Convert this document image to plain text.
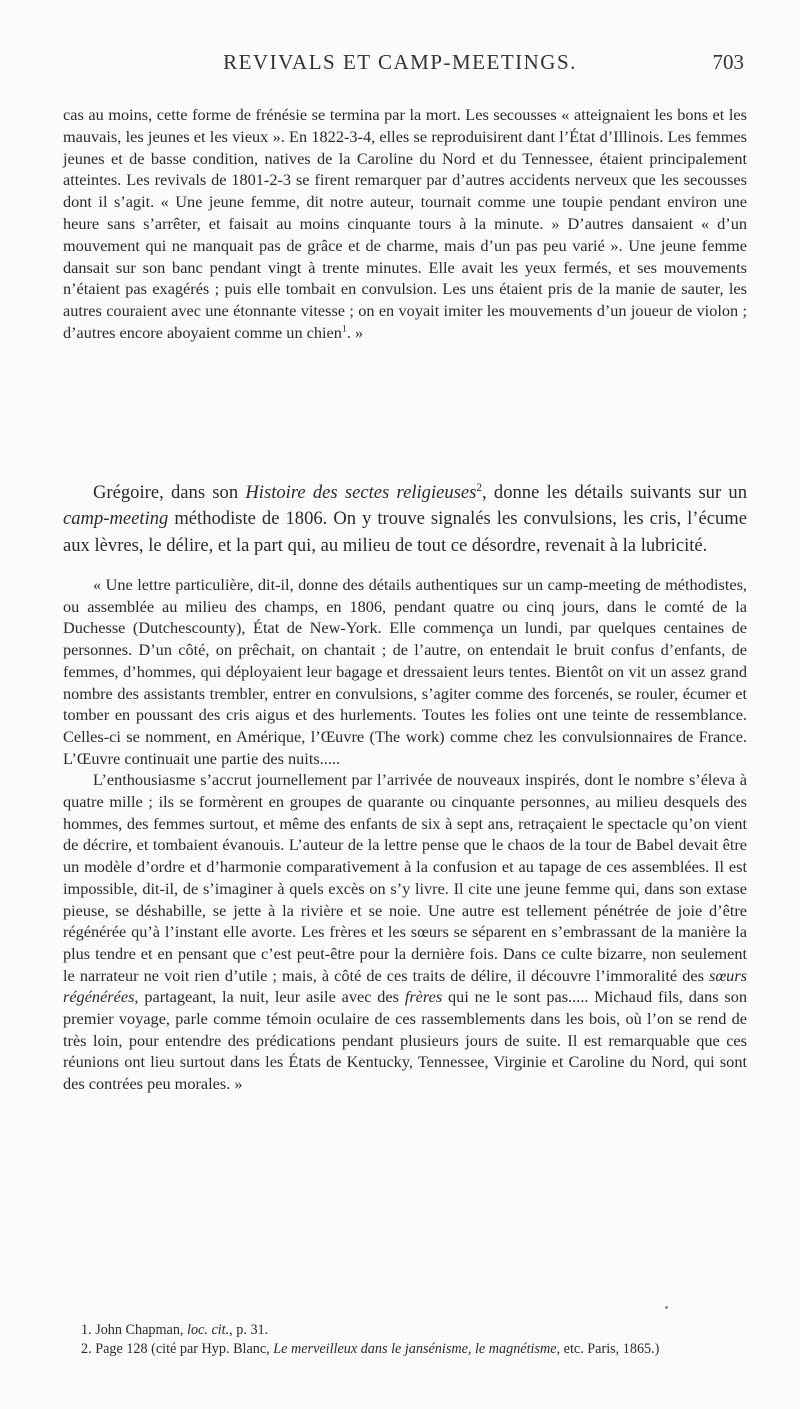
REVIVALS ET CAMP-MEETINGS.	703

cas au moins, cette forme de frénésie se termina par la mort. Les secousses « atteignaient les bons et les mauvais, les jeunes et les vieux ». En 1822-3-4, elles se reproduisirent dant l’État d’Illinois. Les femmes jeunes et de basse condition, natives de la Caroline du Nord et du Tennessee, étaient principalement atteintes. Les revivals de 1801-2-3 se firent remarquer par d’autres accidents nerveux que les secousses dont il s’agit. « Une jeune femme, dit notre auteur, tournait comme une toupie pendant environ une heure sans s’arrêter, et faisait au moins cinquante tours à la minute. » D’autres dansaient « d’un mouvement qui ne manquait pas de grâce et de charme, mais d’un pas peu varié ». Une jeune femme dansait sur son banc pendant vingt à trente minutes. Elle avait les yeux fermés, et ses mouvements n’étaient pas exagérés ; puis elle tombait en convulsion. Les uns étaient pris de la manie de sauter, les autres couraient avec une étonnante vitesse ; on en voyait imiter les mouvements d’un joueur de violon ; d’autres encore aboyaient comme un chien$^1$. »

Grégoire, dans son Histoire des sectes religieuses$^2$, donne les détails suivants sur un camp-meeting méthodiste de 1806. On y trouve signalés les convulsions, les cris, l’écume aux lèvres, le délire, et la part qui, au milieu de tout ce désordre, revenait à la lubricité.

« Une lettre particulière, dit-il, donne des détails authentiques sur un camp-meeting de méthodistes, ou assemblée au milieu des champs, en 1806, pendant quatre ou cinq jours, dans le comté de la Duchesse (Dutchescounty), État de New-York. Elle commença un lundi, par quelques centaines de personnes. D’un côté, on prêchait, on chantait ; de l’autre, on entendait le bruit confus d’enfants, de femmes, d’hommes, qui déployaient leur bagage et dressaient leurs tentes. Bientôt on vit un assez grand nombre des assistants trembler, entrer en convulsions, s’agiter comme des forcenés, se rouler, écumer et tomber en poussant des cris aigus et des hurlements. Toutes les folies ont une teinte de ressemblance. Celles-ci se nomment, en Amérique, l’Œuvre (The work) comme chez les convulsionnaires de France. L’Œuvre continuait une partie des nuits.....

L’enthousiasme s’accrut journellement par l’arrivée de nouveaux inspirés, dont le nombre s’éleva à quatre mille ; ils se formèrent en groupes de quarante ou cinquante personnes, au milieu desquels des hommes, des femmes surtout, et même des enfants de six à sept ans, retraçaient le spectacle qu’on vient de décrire, et tombaient évanouis. L’auteur de la lettre pense que le chaos de la tour de Babel devait être un modèle d’ordre et d’harmonie comparativement à la confusion et au tapage de ces assemblées. Il est impossible, dit-il, de s’imaginer à quels excès on s’y livre. Il cite une jeune femme qui, dans son extase pieuse, se déshabille, se jette à la rivière et se noie. Une autre est tellement pénétrée de joie d’être régénérée qu’à l’instant elle avorte. Les frères et les sœurs se séparent en s’embrassant de la manière la plus tendre et en pensant que c’est peut-être pour la dernière fois. Dans ce culte bizarre, non seulement le narrateur ne voit rien d’utile ; mais, à côté de ces traits de délire, il découvre l’immoralité des sœurs régénérées, partageant, la nuit, leur asile avec des frères qui ne le sont pas..... Michaud fils, dans son premier voyage, parle comme témoin oculaire de ces rassemblements dans les bois, où l’on se rend de très loin, pour entendre des prédications pendant plusieurs jours de suite. Il est remarquable que ces réunions ont lieu surtout dans les États de Kentucky, Tennessee, Virginie et Caroline du Nord, qui sont des contrées peu morales. »

1. John Chapman, loc. cit., p. 31.

2. Page 128 (cité par Hyp. Blanc, Le merveilleux dans le jansénisme, le magnétisme, etc. Paris, 1865.)
